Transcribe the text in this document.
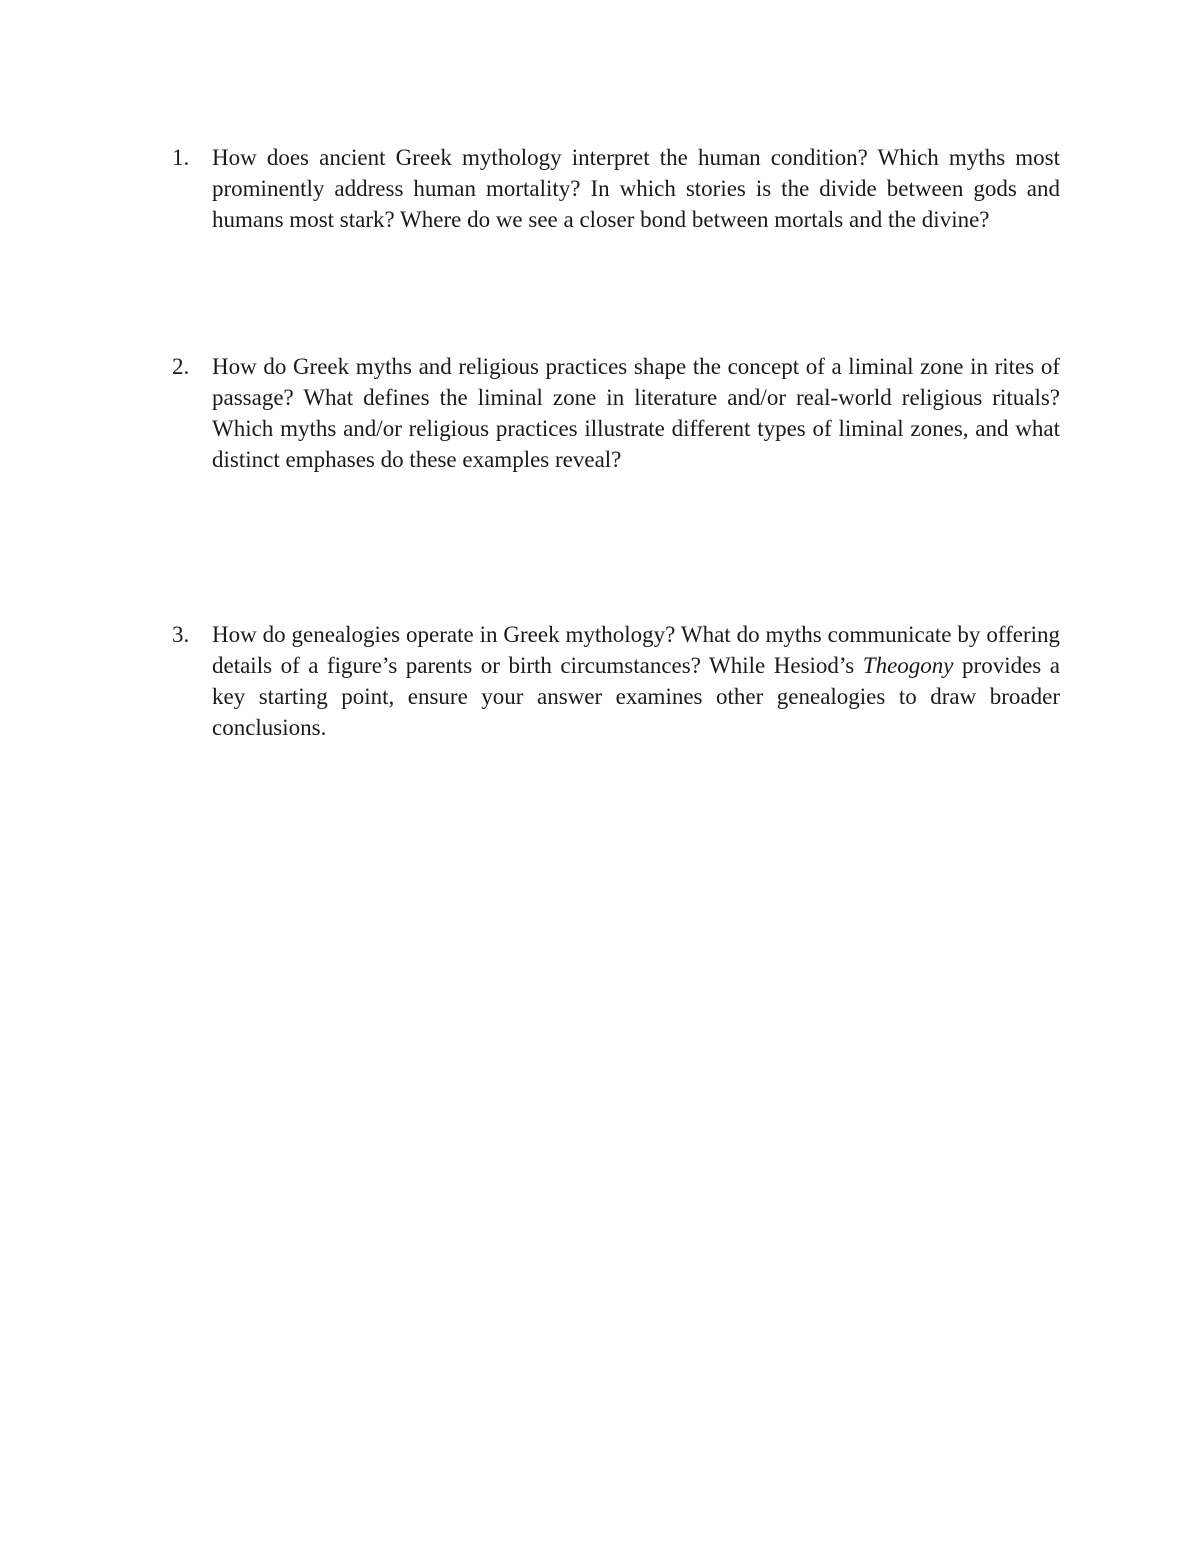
1. How does ancient Greek mythology interpret the human condition? Which myths most prominently address human mortality? In which stories is the divide between gods and humans most stark? Where do we see a closer bond between mortals and the divine?
2. How do Greek myths and religious practices shape the concept of a liminal zone in rites of passage? What defines the liminal zone in literature and/or real-world religious rituals? Which myths and/or religious practices illustrate different types of liminal zones, and what distinct emphases do these examples reveal?
3. How do genealogies operate in Greek mythology? What do myths communicate by offering details of a figure’s parents or birth circumstances? While Hesiod’s Theogony provides a key starting point, ensure your answer examines other genealogies to draw broader conclusions.
